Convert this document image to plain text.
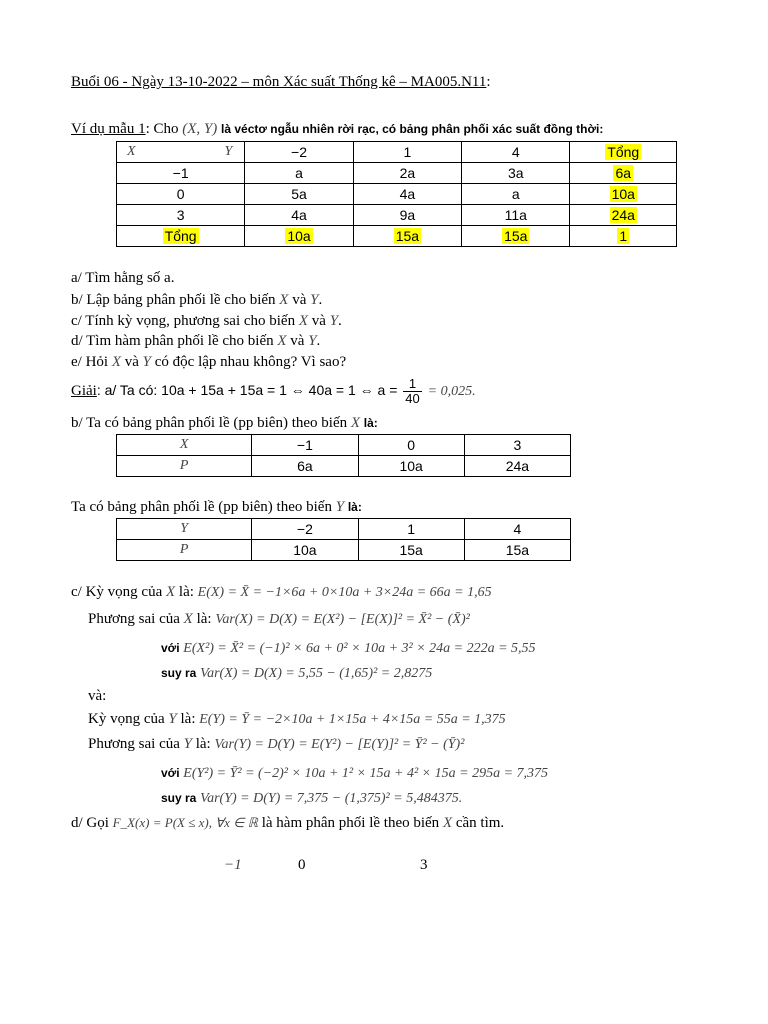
Buổi 06 - Ngày 13-10-2022 – môn Xác suất Thống kê – MA005.N11:
Ví dụ mẫu 1: Cho (X, Y) là véctơ ngẫu nhiên rời rạc, có bảng phân phối xác suất đồng thời:
X Y	−2	1	4	Tổng
−1	a	2a	3a	6a
0	5a	4a	a	10a
3	4a	9a	11a	24a
Tổng	10a	15a	15a	1
a/ Tìm hằng số a.
b/ Lập bảng phân phối lề cho biến X và Y.
c/ Tính kỳ vọng, phương sai cho biến X và Y.
d/ Tìm hàm phân phối lề cho biến X và Y.
e/ Hỏi X và Y có độc lập nhau không? Vì sao?
Giải: a/ Ta có: 10a + 15a + 15a = 1 ⇔ 40a = 1 ⇔ $a = \frac{1}{40} = 0,025$.
b/ Ta có bảng phân phối lề (pp biên) theo biến X là:
X	−1	0	3
P	6a	10a	24a
Ta có bảng phân phối lề (pp biên) theo biến Y là:
Y	−2	1	4
P	10a	15a	15a
c/ Kỳ vọng của X là: E(X) = X̄ = −1×6a + 0×10a + 3×24a = 66a = 1,65
Phương sai của X là: Var(X) = D(X) = E(X²) − [E(X)]² = X̄² − (X̄)²
với E(X²) = X̄² = (−1)² × 6a + 0² × 10a + 3² × 24a = 222a = 5,55
suy ra Var(X) = D(X) = 5,55 − (1,65)² = 2,8275
và:
Kỳ vọng của Y là: E(Y) = Ȳ = −2×10a + 1×15a + 4×15a = 55a = 1,375
Phương sai của Y là: Var(Y) = D(Y) = E(Y²) − [E(Y)]² = Ȳ² − (Ȳ)²
với E(Y²) = Ȳ² = (−2)² × 10a + 1² × 15a + 4² × 15a = 295a = 7,375
suy ra Var(Y) = D(Y) = 7,375 − (1,375)² = 5,484375.
d/ Gọi F_X(x) = P(X ≤ x), ∀x ∈ ℝ là hàm phân phối lề theo biến X cần tìm.
−1	0	3
